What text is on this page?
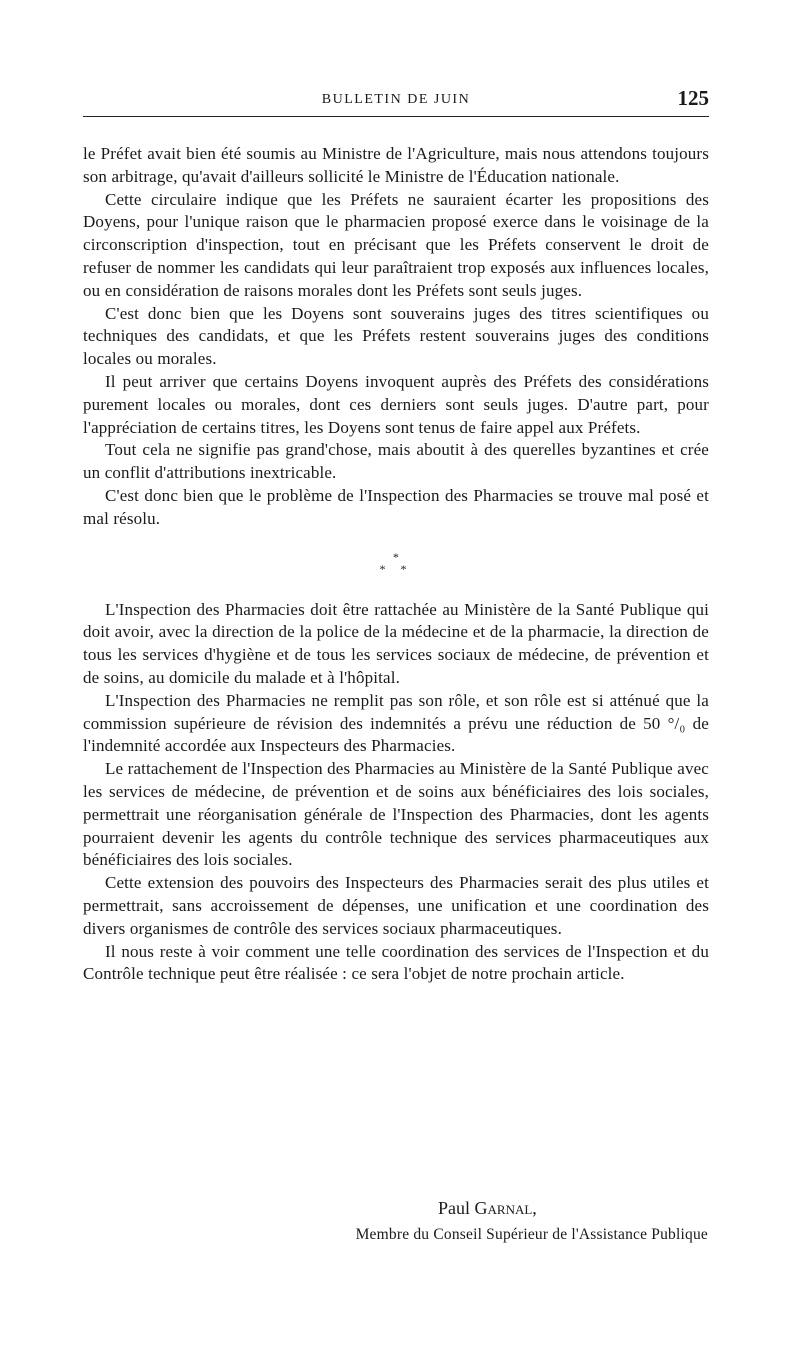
BULLETIN DE JUIN	125

le Préfet avait bien été soumis au Ministre de l'Agriculture, mais nous attendons toujours son arbitrage, qu'avait d'ailleurs sollicité le Ministre de l'Éducation nationale.

Cette circulaire indique que les Préfets ne sauraient écarter les propositions des Doyens, pour l'unique raison que le pharmacien proposé exerce dans le voisinage de la circonscription d'inspection, tout en précisant que les Préfets conservent le droit de refuser de nommer les candidats qui leur paraîtraient trop exposés aux influences locales, ou en considération de raisons morales dont les Préfets sont seuls juges.

C'est donc bien que les Doyens sont souverains juges des titres scientifiques ou techniques des candidats, et que les Préfets restent souverains juges des conditions locales ou morales.

Il peut arriver que certains Doyens invoquent auprès des Préfets des considérations purement locales ou morales, dont ces derniers sont seuls juges. D'autre part, pour l'appréciation de certains titres, les Doyens sont tenus de faire appel aux Préfets.

Tout cela ne signifie pas grand'chose, mais aboutit à des querelles byzantines et crée un conflit d'attributions inextricable.

C'est donc bien que le problème de l'Inspection des Pharmacies se trouve mal posé et mal résolu.

*
* *

L'Inspection des Pharmacies doit être rattachée au Ministère de la Santé Publique qui doit avoir, avec la direction de la police de la médecine et de la pharmacie, la direction de tous les services d'hygiène et de tous les services sociaux de médecine, de prévention et de soins, au domicile du malade et à l'hôpital.

L'Inspection des Pharmacies ne remplit pas son rôle, et son rôle est si atténué que la commission supérieure de révision des indemnités a prévu une réduction de 50 °/₀ de l'indemnité accordée aux Inspecteurs des Pharmacies.

Le rattachement de l'Inspection des Pharmacies au Ministère de la Santé Publique avec les services de médecine, de prévention et de soins aux bénéficiaires des lois sociales, permettrait une réorganisation générale de l'Inspection des Pharmacies, dont les agents pourraient devenir les agents du contrôle technique des services pharmaceutiques aux bénéficiaires des lois sociales.

Cette extension des pouvoirs des Inspecteurs des Pharmacies serait des plus utiles et permettrait, sans accroissement de dépenses, une unification et une coordination des divers organismes de contrôle des services sociaux pharmaceutiques.

Il nous reste à voir comment une telle coordination des services de l'Inspection et du Contrôle technique peut être réalisée : ce sera l'objet de notre prochain article.

Paul Garnal,
Membre du Conseil Supérieur de l'Assistance Publique
